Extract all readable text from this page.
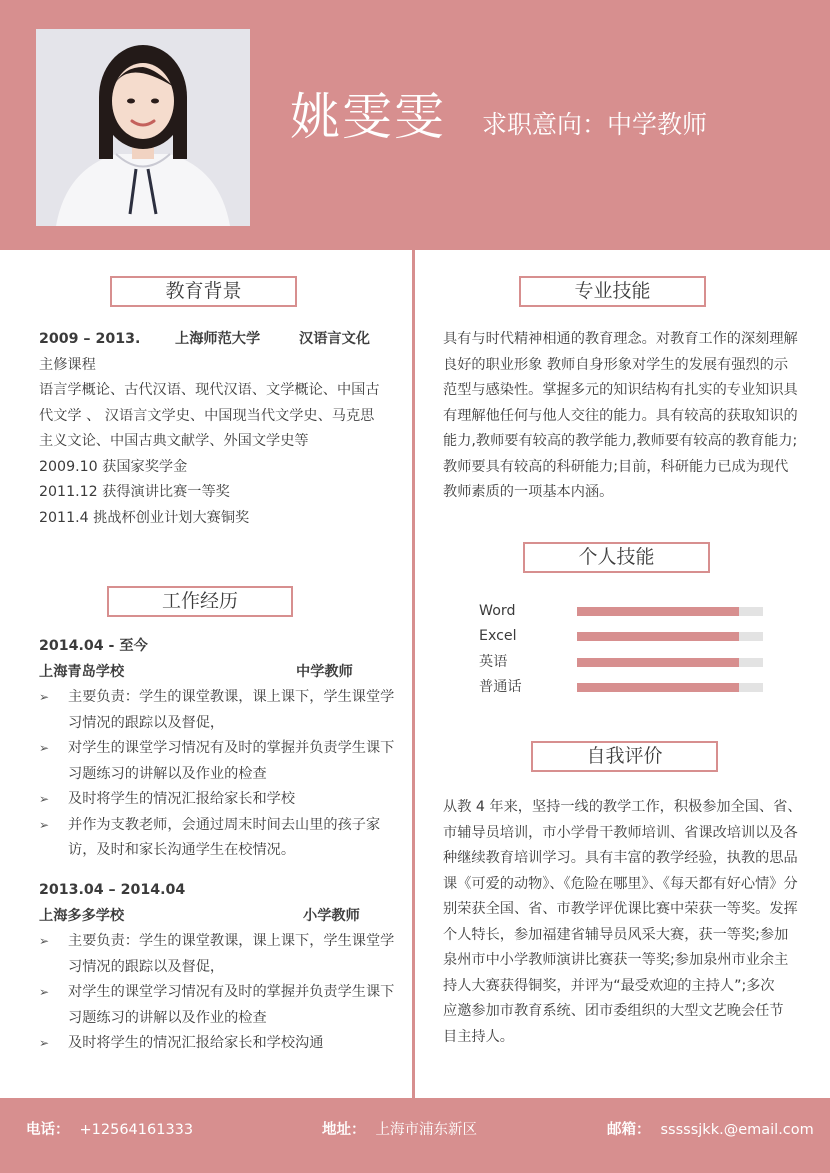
姚雯雯 求职意向：中学教师
教育背景
2009 – 2013. 上海师范大学	汉语言文化
主修课程
语言学概论、古代汉语、现代汉语、文学概论、中国古
代文学 、 汉语言文学史、中国现当代文学史、马克思
主义文论、中国古典文献学、外国文学史等
2009.10 获国家奖学金
2011.12 获得演讲比赛一等奖
2011.4 挑战杯创业计划大赛铜奖
工作经历
2014.04 - 至今
上海青岛学校	中学教师
➢ 主要负责：学生的课堂教课，课上课下，学生课堂学习情况的跟踪以及督促，
➢ 对学生的课堂学习情况有及时的掌握并负责学生课下习题练习的讲解以及作业的检查
➢ 及时将学生的情况汇报给家长和学校
➢ 并作为支教老师，会通过周末时间去山里的孩子家访，及时和家长沟通学生在校情况。
2013.04 – 2014.04
上海多多学校	小学教师
➢ 主要负责：学生的课堂教课，课上课下，学生课堂学习情况的跟踪以及督促，
➢ 对学生的课堂学习情况有及时的掌握并负责学生课下习题练习的讲解以及作业的检查
➢ 及时将学生的情况汇报给家长和学校沟通
专业技能
具有与时代精神相通的教育理念。对教育工作的深刻理解
良好的职业形象 教师自身形象对学生的发展有强烈的示
范型与感染性。掌握多元的知识结构有扎实的专业知识具
有理解他任何与他人交往的能力。具有较高的获取知识的
能力,教师要有较高的教学能力,教师要有较高的教育能力;
教师要具有较高的科研能力;目前，科研能力已成为现代
教师素质的一项基本内涵。
个人技能
Word
Excel
英语
普通话
自我评价
从教 4 年来，坚持一线的教学工作，积极参加全国、省、
市辅导员培训，市小学骨干教师培训、省课改培训以及各
种继续教育培训学习。具有丰富的教学经验，执教的思品
课《可爱的动物》、《危险在哪里》、《每天都有好心情》分
别荣获全国、省、市教学评优课比赛中荣获一等奖。发挥
个人特长，参加福建省辅导员风采大赛，获一等奖;参加
泉州市中小学教师演讲比赛获一等奖;参加泉州市业余主
持人大赛获得铜奖，并评为“最受欢迎的主持人”;多次
应邀参加市教育系统、团市委组织的大型文艺晚会任节
目主持人。
电话： +12564161333	地址： 上海市浦东新区	邮箱： sssssjkk.@email.com
